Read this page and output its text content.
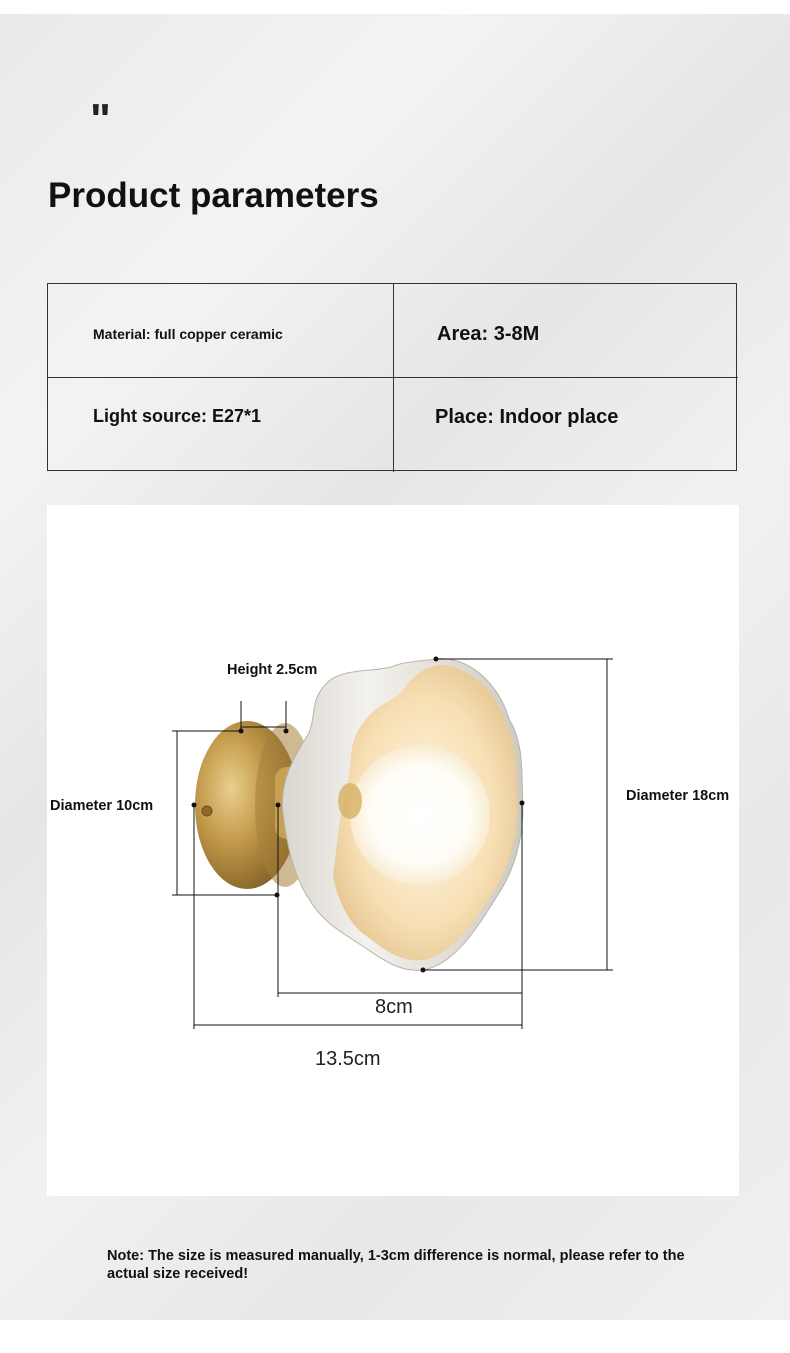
"
Product parameters
Material: full copper ceramic	Area: 3-8M
Light source: E27*1	Place: Indoor place
Height 2.5cm
Diameter 10cm
Diameter 18cm
8cm
13.5cm
Note: The size is measured manually, 1-3cm difference is normal, please refer to the actual size received!
